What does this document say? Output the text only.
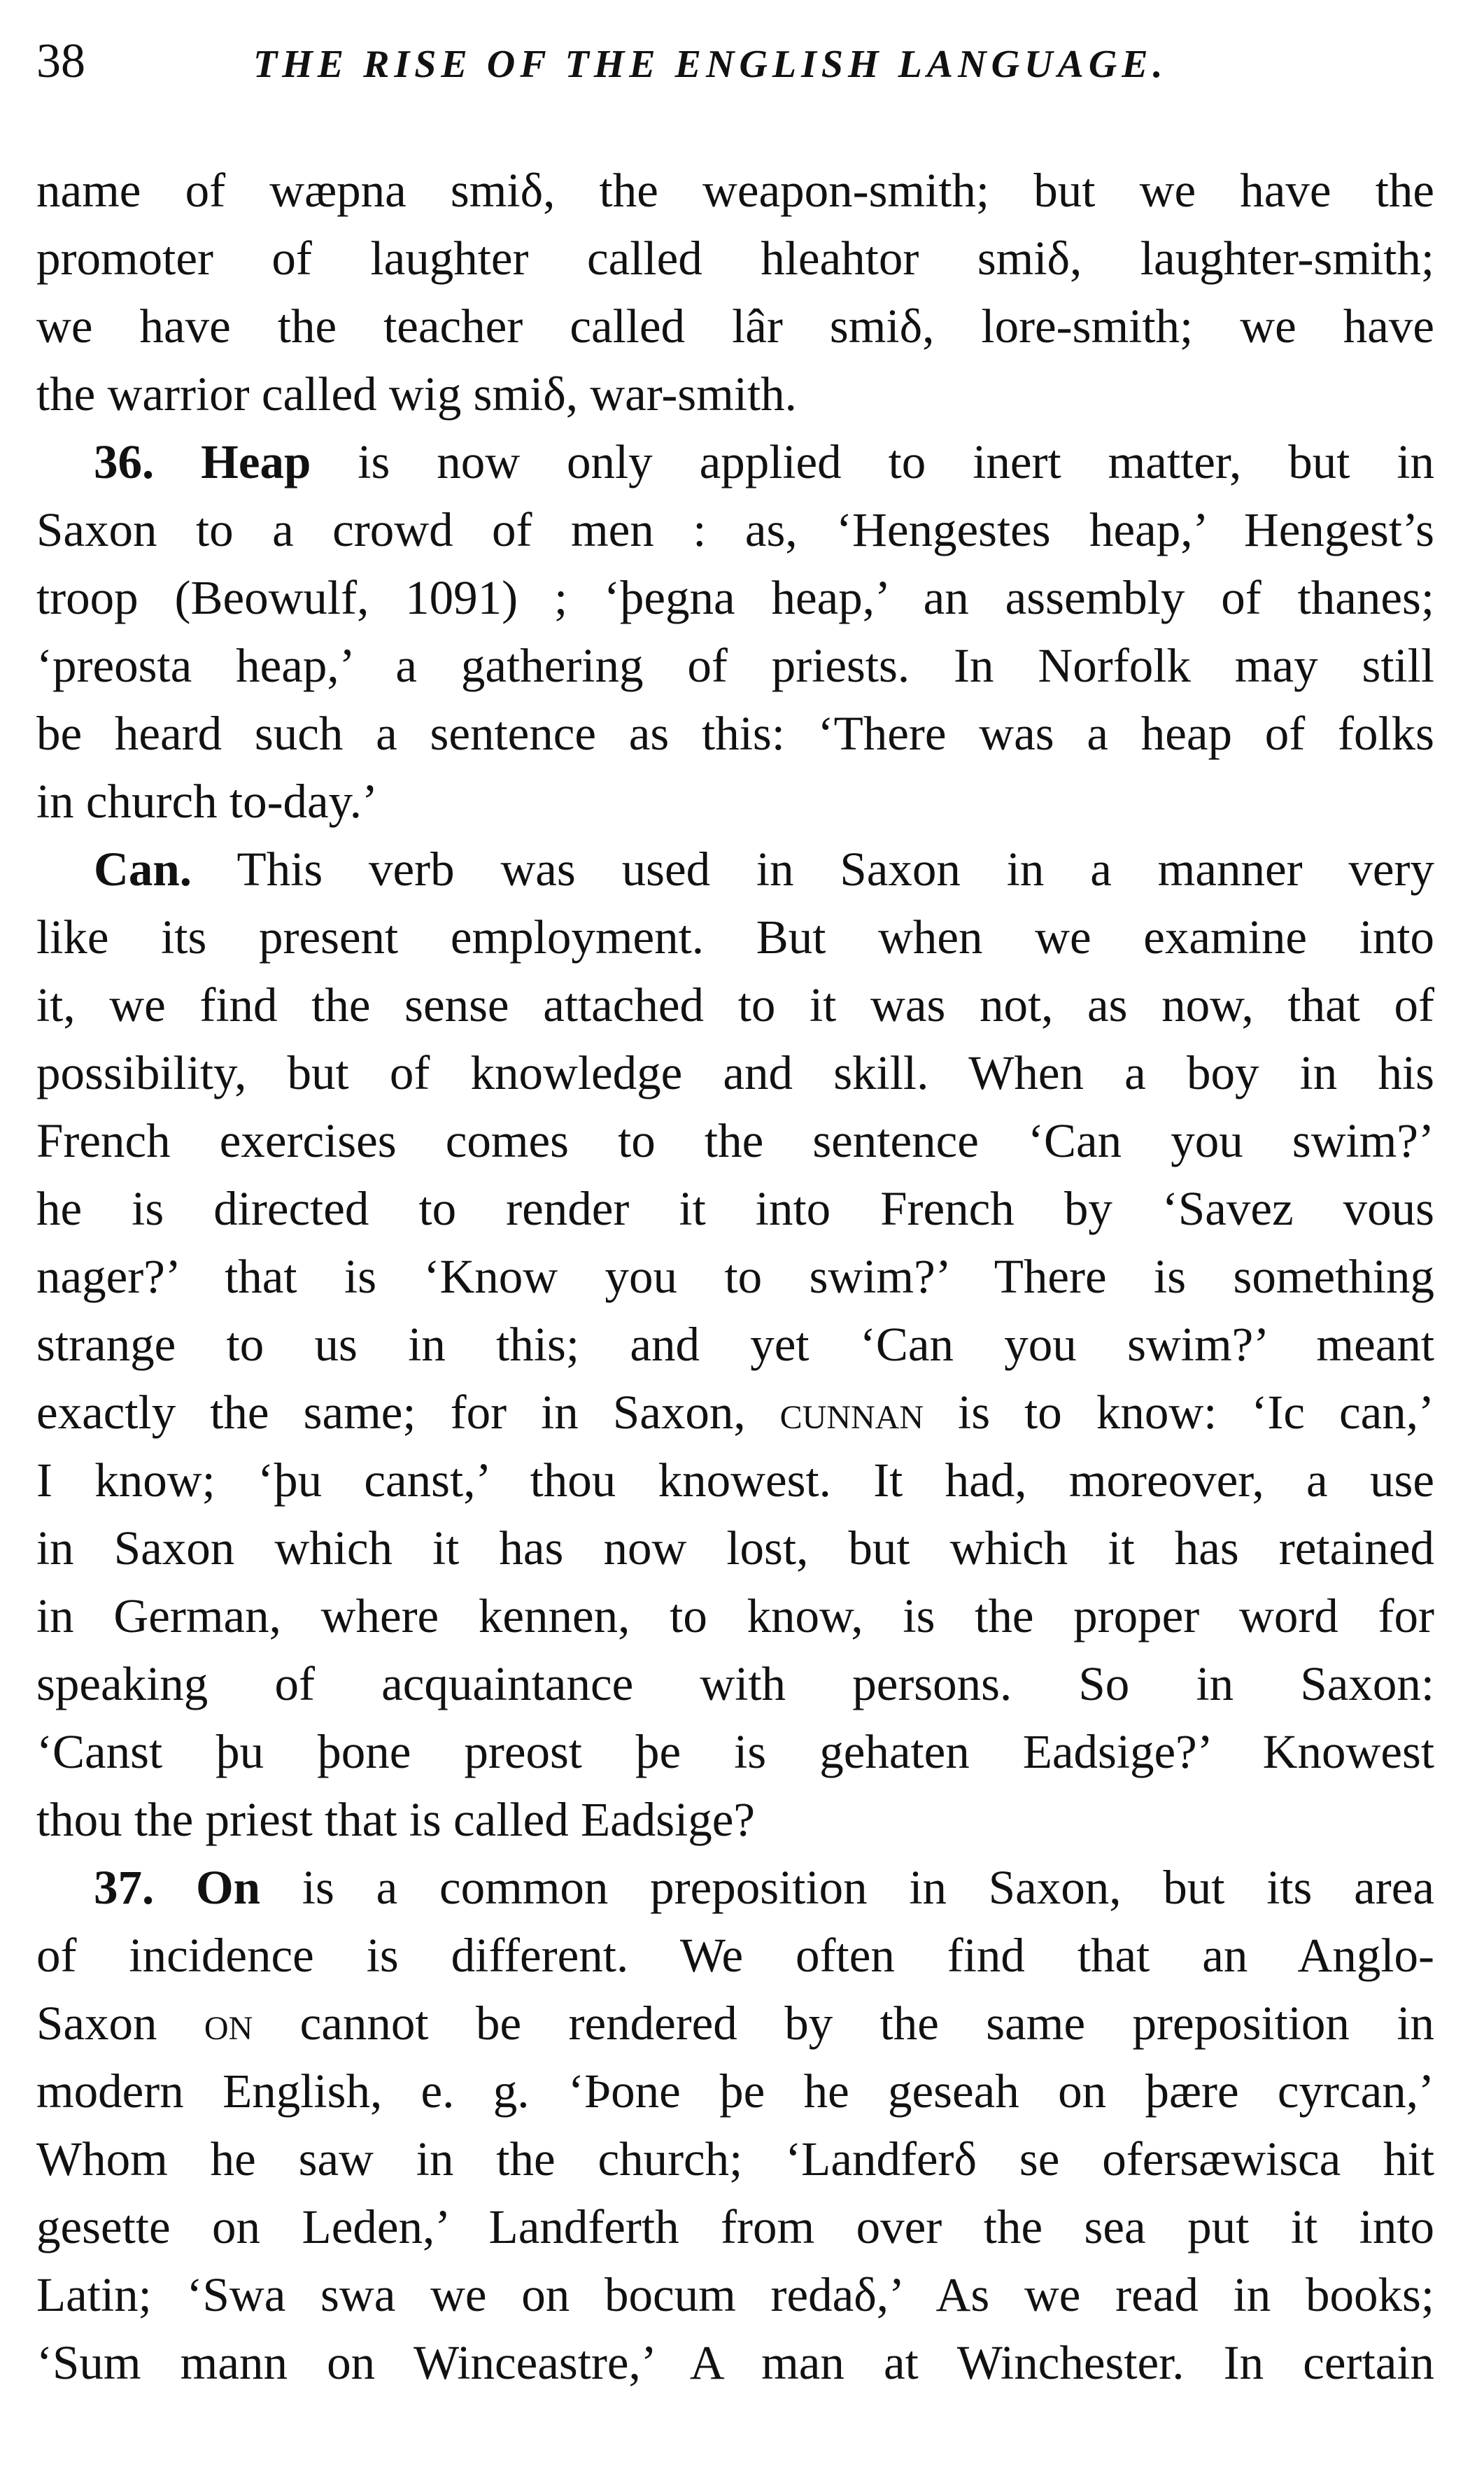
38	THE RISE OF THE ENGLISH LANGUAGE.
name of wæpna smiδ, the weapon-smith; but we have the
promoter of laughter called hleahtor smiδ, laughter-smith;
we have the teacher called lâr smiδ, lore-smith; we have
the warrior called wig smiδ, war-smith.
36. Heap is now only applied to inert matter, but in
Saxon to a crowd of men : as, ‘Hengestes heap,’ Hengest’s
troop (Beowulf, 1091) ; ‘þegna heap,’ an assembly of thanes;
‘preosta heap,’ a gathering of priests. In Norfolk may still
be heard such a sentence as this: ‘There was a heap of folks
in church to-day.’
Can. This verb was used in Saxon in a manner very
like its present employment. But when we examine into
it, we find the sense attached to it was not, as now, that of
possibility, but of knowledge and skill. When a boy in his
French exercises comes to the sentence ‘Can you swim?’
he is directed to render it into French by ‘Savez vous
nager?’ that is ‘Know you to swim?’ There is something
strange to us in this; and yet ‘Can you swim?’ meant
exactly the same; for in Saxon, cunnan is to know: ‘Ic can,’
I know; ‘þu canst,’ thou knowest. It had, moreover, a use
in Saxon which it has now lost, but which it has retained
in German, where kennen, to know, is the proper word for
speaking of acquaintance with persons. So in Saxon:
‘Canst þu þone preost þe is gehaten Eadsige?’ Knowest
thou the priest that is called Eadsige?
37. On is a common preposition in Saxon, but its area
of incidence is different. We often find that an Anglo-
Saxon on cannot be rendered by the same preposition in
modern English, e. g. ‘Þone þe he geseah on þære cyrcan,’
Whom he saw in the church; ‘Landferδ se ofersæwisca hit
gesette on Leden,’ Landferth from over the sea put it into
Latin; ‘Swa swa we on bocum redaδ,’ As we read in books;
‘Sum mann on Winceastre,’ A man at Winchester. In certain
